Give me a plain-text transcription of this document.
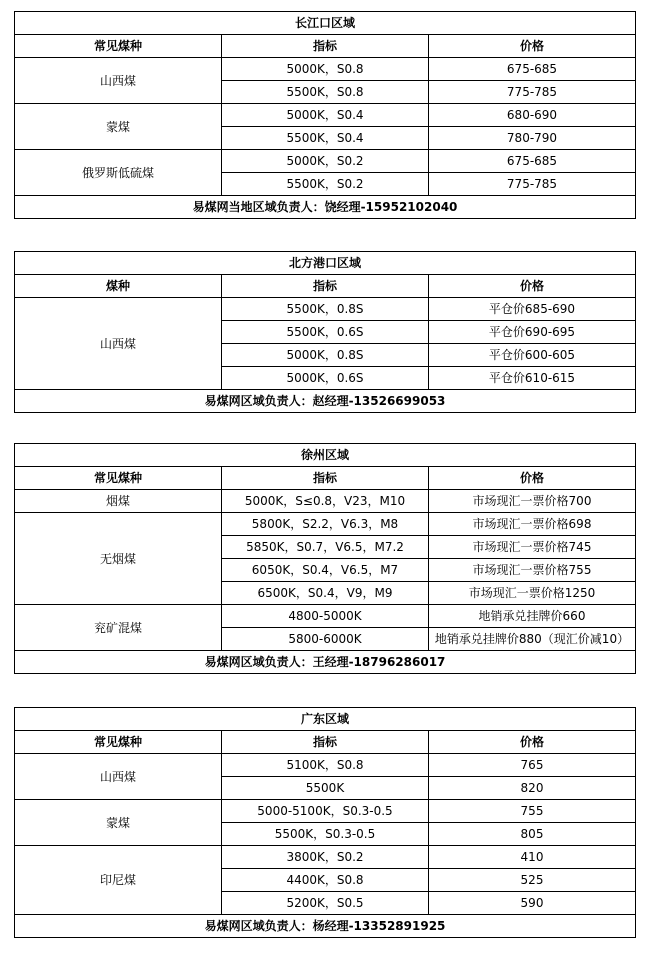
长江口区域		
常见煤种	指标	价格
山西煤	5000K，S0.8	675-685
	5500K，S0.8	775-785
蒙煤	5000K，S0.4	680-690
	5500K，S0.4	780-790
俄罗斯低硫煤	5000K，S0.2	675-685
	5500K，S0.2	775-785
易煤网当地区域负责人：饶经理-15952102040		
北方港口区域		
煤种	指标	价格
山西煤	5500K，0.8S	平仓价685-690
	5500K，0.6S	平仓价690-695
	5000K，0.8S	平仓价600-605
	5000K，0.6S	平仓价610-615
易煤网区域负责人：赵经理-13526699053		
徐州区域		
常见煤种	指标	价格
烟煤	5000K，S≤0.8，V23，M10	市场现汇一票价格700
无烟煤	5800K，S2.2，V6.3，M8	市场现汇一票价格698
	5850K，S0.7，V6.5，M7.2	市场现汇一票价格745
	6050K，S0.4，V6.5，M7	市场现汇一票价格755
	6500K，S0.4，V9，M9	市场现汇一票价格1250
兖矿混煤	4800-5000K	地销承兑挂牌价660
	5800-6000K	地销承兑挂牌价880（现汇价减10）
易煤网区域负责人：王经理-18796286017		
广东区域		
常见煤种	指标	价格
山西煤	5100K，S0.8	765
	5500K	820
蒙煤	5000-5100K，S0.3-0.5	755
	5500K，S0.3-0.5	805
印尼煤	3800K，S0.2	410
	4400K，S0.8	525
	5200K，S0.5	590
易煤网区域负责人：杨经理-13352891925		
